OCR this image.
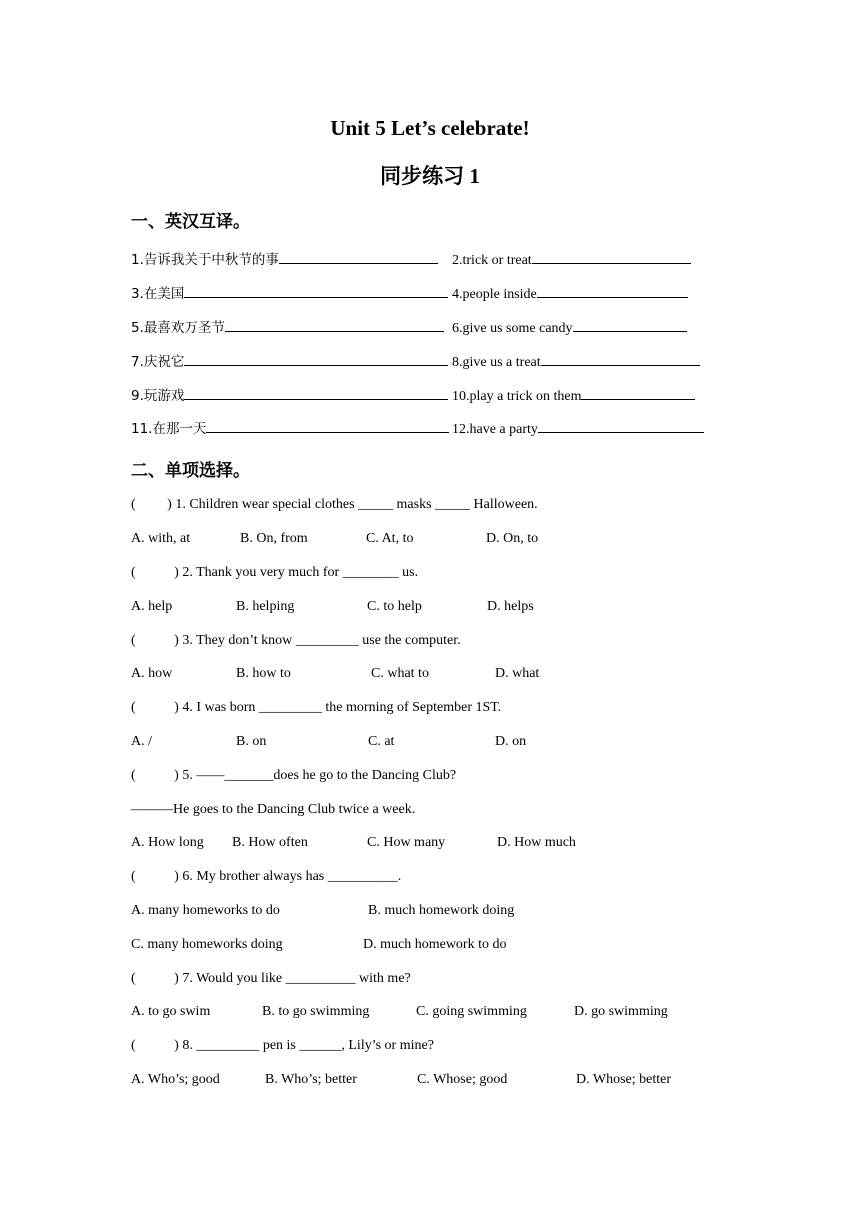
Unit 5 Let’s celebrate!
同步练习 1
一、英汉互译。
1.告诉我关于中秋节的事	2.trick or treat
3.在美国	4.people inside
5.最喜欢万圣节	6.give us some candy
7.庆祝它	8.give us a treat
9.玩游戏	10.play a trick on them
11.在那一天	12.have a party
二、单项选择。
(         ) 1. Children wear special clothes _____ masks _____ Halloween.
A. with, at	B. On, from	C. At, to	D. On, to
(           ) 2. Thank you very much for ________ us.
A. help	B. helping	C. to help	D. helps
(           ) 3. They don’t know _________ use the computer.
A. how	B. how to	C. what to	D. what
(           ) 4. I was born _________ the morning of September 1ST.
A. /	B. on	C. at	D. on
(           ) 5. ——_______does he go to the Dancing Club?
———He goes to the Dancing Club twice a week.
A. How long B. How often	C. How many	D. How much
(           ) 6. My brother always has __________.
A. many homeworks to do	B. much homework doing
C. many homeworks doing	D. much homework to do
(           ) 7. Would you like __________ with me?
A. to go swim	B. to go swimming	C. going swimming	D. go swimming
(           ) 8. _________ pen is ______, Lily’s or mine?
A. Who’s; good	B. Who’s; better	C. Whose; good	D. Whose; better
